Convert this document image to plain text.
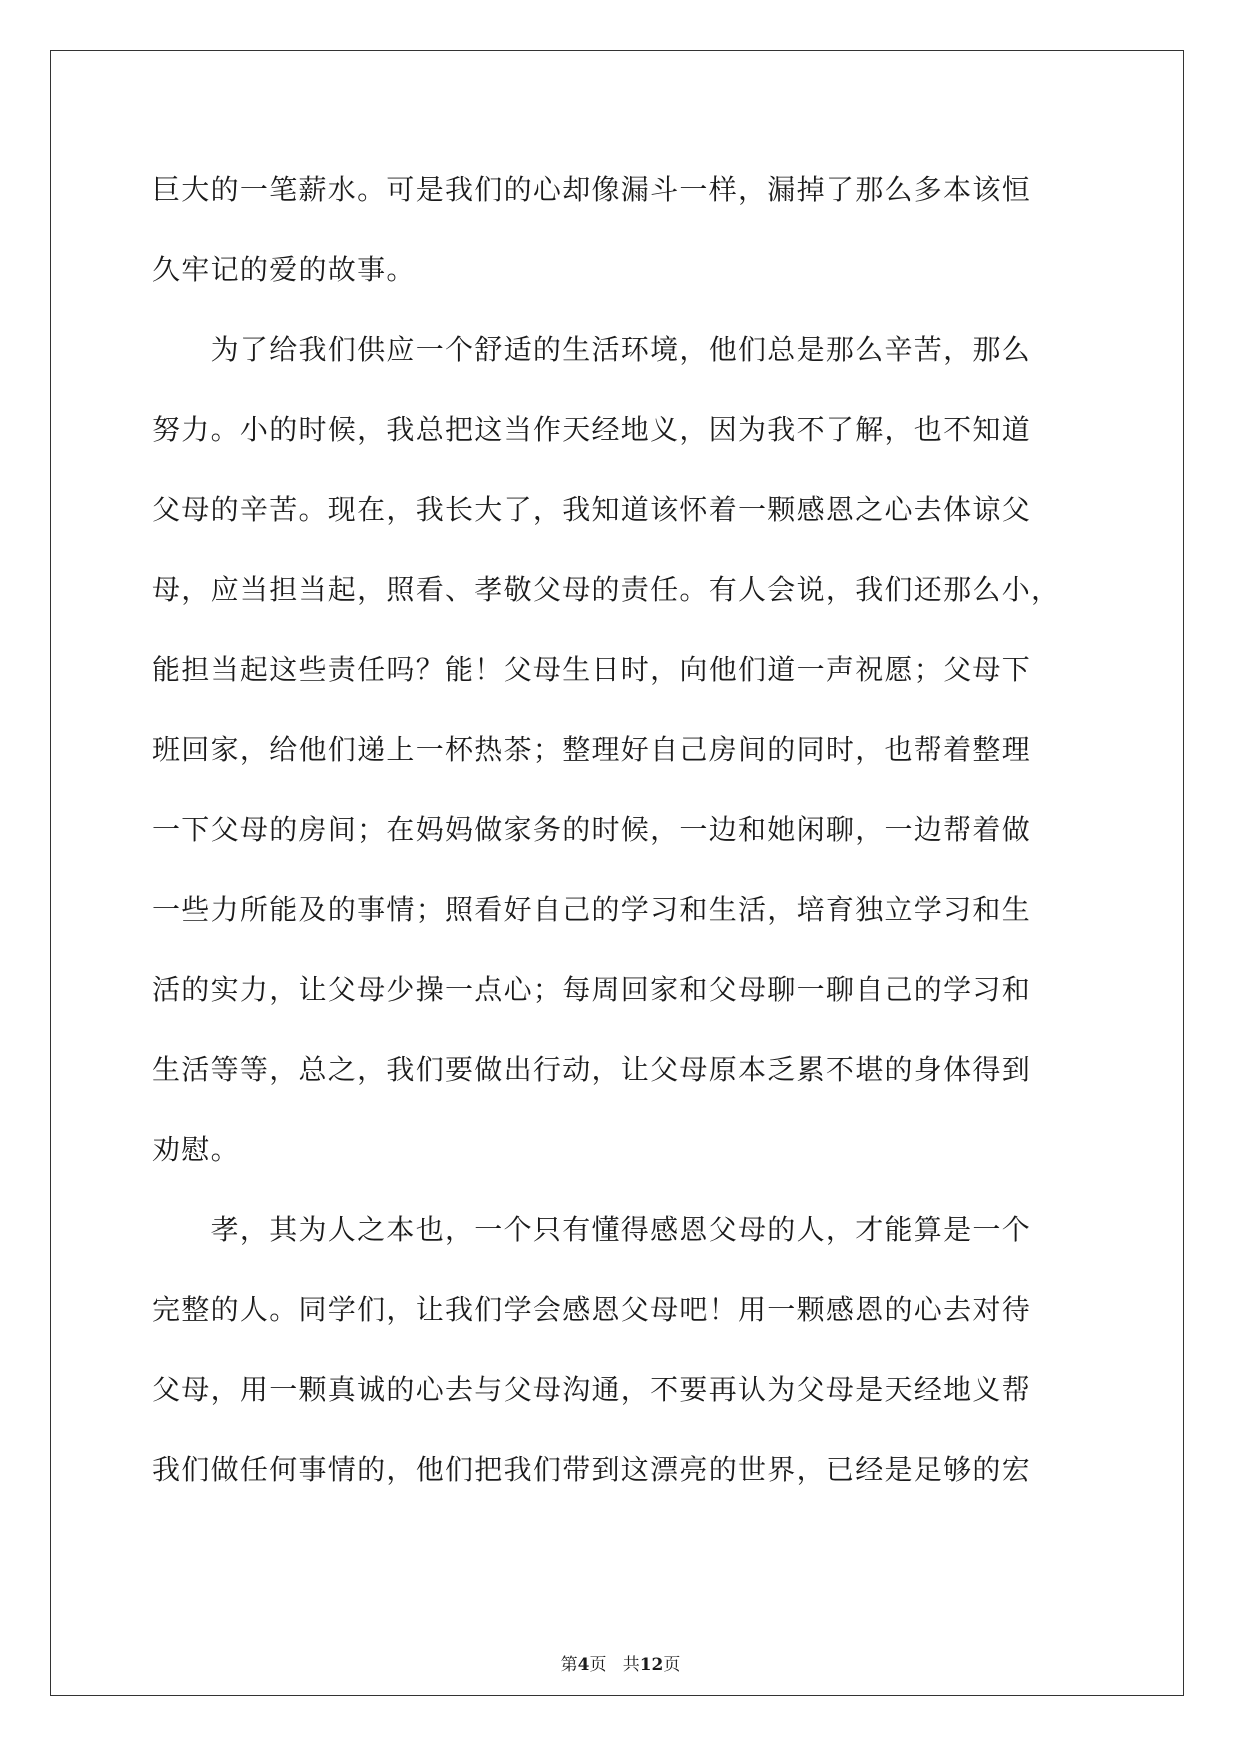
巨大的一笔薪水。可是我们的心却像漏斗一样，漏掉了那么多本该恒
久牢记的爱的故事。
　　为了给我们供应一个舒适的生活环境，他们总是那么辛苦，那么
努力。小的时候，我总把这当作天经地义，因为我不了解，也不知道
父母的辛苦。现在，我长大了，我知道该怀着一颗感恩之心去体谅父
母，应当担当起，照看、孝敬父母的责任。有人会说，我们还那么小，
能担当起这些责任吗？能！父母生日时，向他们道一声祝愿；父母下
班回家，给他们递上一杯热茶；整理好自己房间的同时，也帮着整理
一下父母的房间；在妈妈做家务的时候，一边和她闲聊，一边帮着做
一些力所能及的事情；照看好自己的学习和生活，培育独立学习和生
活的实力，让父母少操一点心；每周回家和父母聊一聊自己的学习和
生活等等，总之，我们要做出行动，让父母原本乏累不堪的身体得到
劝慰。
　　孝，其为人之本也，一个只有懂得感恩父母的人，才能算是一个
完整的人。同学们，让我们学会感恩父母吧！用一颗感恩的心去对待
父母，用一颗真诚的心去与父母沟通，不要再认为父母是天经地义帮
我们做任何事情的，他们把我们带到这漂亮的世界，已经是足够的宏
第4页 共12页
